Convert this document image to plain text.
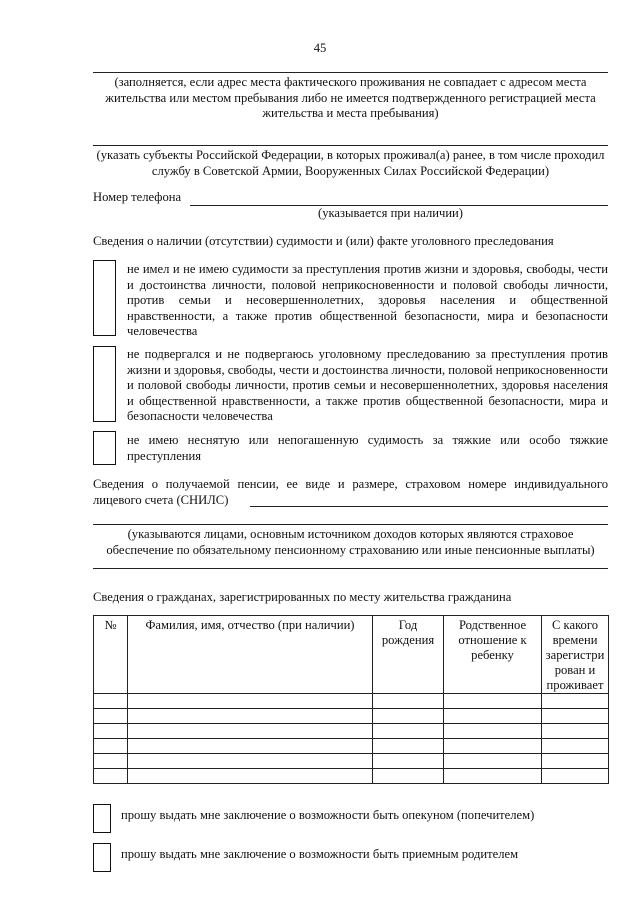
45
(заполняется, если адрес места фактического проживания не совпадает с адресом места жительства или местом пребывания либо не имеется подтвержденного регистрацией места жительства и места пребывания)
(указать субъекты Российской Федерации, в которых проживал(а) ранее, в том числе проходил службу в Советской Армии, Вооруженных Силах Российской Федерации)
Номер телефона
(указывается при наличии)
Сведения о наличии (отсутствии) судимости и (или) факте уголовного преследования
не имел и не имею судимости за преступления против жизни и здоровья, свободы, чести и достоинства личности, половой неприкосновенности и половой свободы личности, против семьи и несовершеннолетних, здоровья населения и общественной нравственности, а также против общественной безопасности, мира и безопасности человечества
не подвергался и не подвергаюсь уголовному преследованию за преступления против жизни и здоровья, свободы, чести и достоинства личности, половой неприкосновенности и половой свободы личности, против семьи и несовершеннолетних, здоровья населения и общественной нравственности, а также против общественной безопасности, мира и безопасности человечества
не имею неснятую или непогашенную судимость за тяжкие или особо тяжкие преступления
Сведения о получаемой пенсии, ее виде и размере, страховом номере индивидуального лицевого счета (СНИЛС)
(указываются лицами, основным источником доходов которых являются страховое обеспечение по обязательному пенсионному страхованию или иные пенсионные выплаты)
Сведения о гражданах, зарегистрированных по месту жительства гражданина
№	Фамилия, имя, отчество (при наличии)	Год рождения	Родственное отношение к ребенку	С какого времени зарегистри рован и проживает

прошу выдать мне заключение о возможности быть опекуном (попечителем)
прошу выдать мне заключение о возможности быть приемным родителем
